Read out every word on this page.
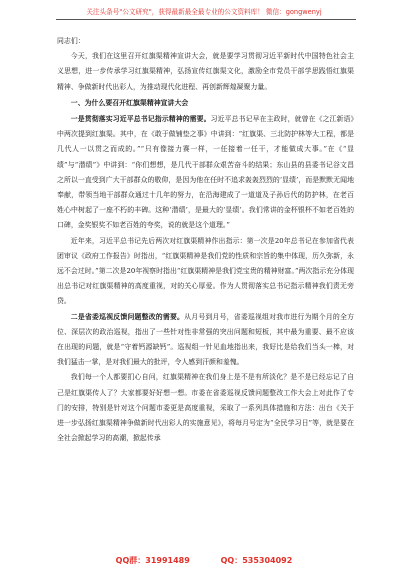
关注头条号"公文研究"，获得最新最全最专业的公文资料库！ 微信：gongwenyj

同志们：

今天，我们在这里召开红旗渠精神宣讲大会，就是要学习贯彻习近平新时代中国特色社会主义思想，进一步传承学习红旗渠精神，弘扬宣传红旗渠文化，激励全市党员干部学思践悟红旗渠精神、争做新时代出彩人，为推动现代化进程、再创新辉煌凝聚力量。

一、为什么要召开红旗渠精神宣讲大会

一是贯彻落实习近平总书记指示精神的需要。习近平总书记早在主政时，就曾在《之江新语》中两次提到红旗渠。其中，在《敢于做铺垫之事》中讲到：“红旗渠、三北防护林等大工程，都是几代人一以贯之而成的。”“只有像接力赛一样，一任接着一任干，才能做成大事。”在《“显绩”与“潜绩”》中讲到：“你们想想，是几代干部群众艰苦奋斗的结果；东山县的县委书记谷文昌之所以一直受到广大干部群众的敬仰，是因为他在任时不追求轰轰烈烈的‘显绩’，而是默默无闻地奉献，带领当地干部群众通过十几年的努力，在沿海建成了一道道及子孙后代的防护林，在老百姓心中树起了一座不朽的丰碑。这种‘潜绩’，是最大的‘显绩’。我们常讲的金杯银杯不如老百姓的口碑，金奖银奖不如老百姓的夸奖，说的就是这个道理。”

近年来，习近平总书记先后两次对红旗渠精神作出指示：第一次是20年总书记在参加省代表团审议《政府工作报告》时指出，“红旗渠精神是我们党的性质和宗旨的集中体现，历久弥新，永远不会过时。”第二次是20年视察时指出“红旗渠精神是我们党宝贵的精神财富。”两次指示充分体现出总书记对红旗渠精神的高度重视，对的关心厚爱。作为人贯彻落实总书记指示精神我们责无旁贷。

二是省委巡视反馈问题整改的需要。从月号到月号，省委巡视组对我市进行为期个月的全方位、深层次的政治巡视，指出了一些针对性非常强的突出问题和短板，其中最为重要、最不应该在出现的问题，就是“守着钙源缺钙”。巡视组一针见血地指出来，我好比是给我们当头一棒，对我们猛击一掌，是对我们最大的批评，令人感到汗颜和羞愧。

我们每一个人都要扪心自问，红旗渠精神在我们身上是不是有所淡化？是不是已经忘记了自己是红旗渠传人了？大家都要好好想一想。市委在省委巡视反馈问题整改工作大会上对此作了专门的安排，特别是针对这个问题市委更是高度重视，采取了一系列具体措施和方法：出台《关于进一步弘扬红旗渠精神争做新时代出彩人的实施意见》，将每月号定为“全民学习日”等，就是要在全社会掀起学习的高潮，掀起传承

QQ群：31991489	QQ：535304092
